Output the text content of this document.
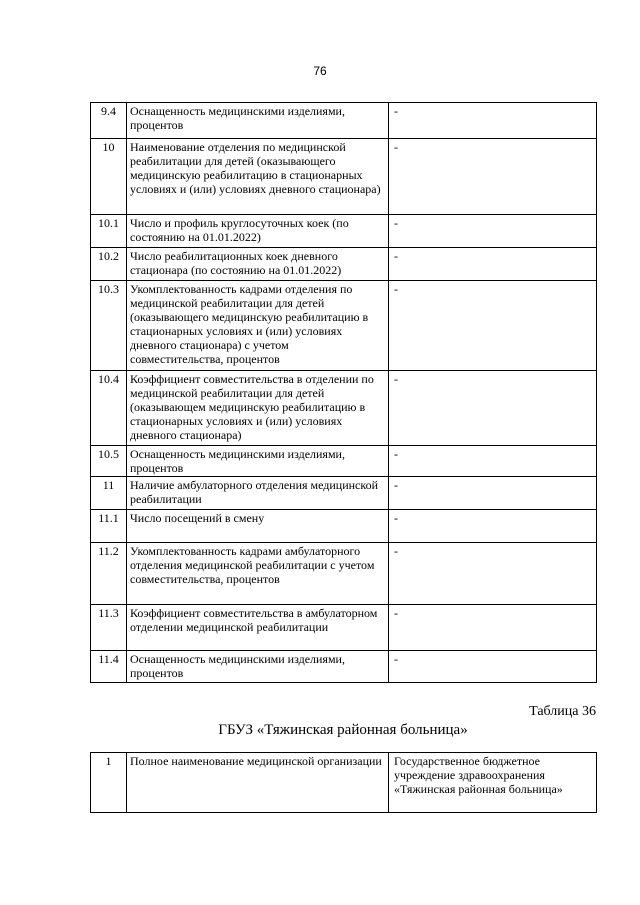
76
9.4	Оснащенность медицинскими изделиями, процентов	-
10	Наименование отделения по медицинской реабилитации для детей (оказывающего медицинскую реабилитацию в стационарных условиях и (или) условиях дневного стационара)	-
10.1	Число и профиль круглосуточных коек (по состоянию на 01.01.2022)	-
10.2	Число реабилитационных коек дневного стационара (по состоянию на 01.01.2022)	-
10.3	Укомплектованность кадрами отделения по медицинской реабилитации для детей (оказывающего медицинскую реабилитацию в стационарных условиях и (или) условиях дневного стационара) с учетом совместительства, процентов	-
10.4	Коэффициент совместительства в отделении по медицинской реабилитации для детей (оказывающем медицинскую реабилитацию в стационарных условиях и (или) условиях дневного стационара)	-
10.5	Оснащенность медицинскими изделиями, процентов	-
11	Наличие амбулаторного отделения медицинской реабилитации	-
11.1	Число посещений в смену	-
11.2	Укомплектованность кадрами амбулаторного отделения медицинской реабилитации с учетом совместительства, процентов	-
11.3	Коэффициент совместительства в амбулаторном отделении медицинской реабилитации	-
11.4	Оснащенность медицинскими изделиями, процентов	-
Таблица 36
ГБУЗ «Тяжинская районная больница»
1	Полное наименование медицинской организации	Государственное бюджетное учреждение здравоохранения «Тяжинская районная больница»
